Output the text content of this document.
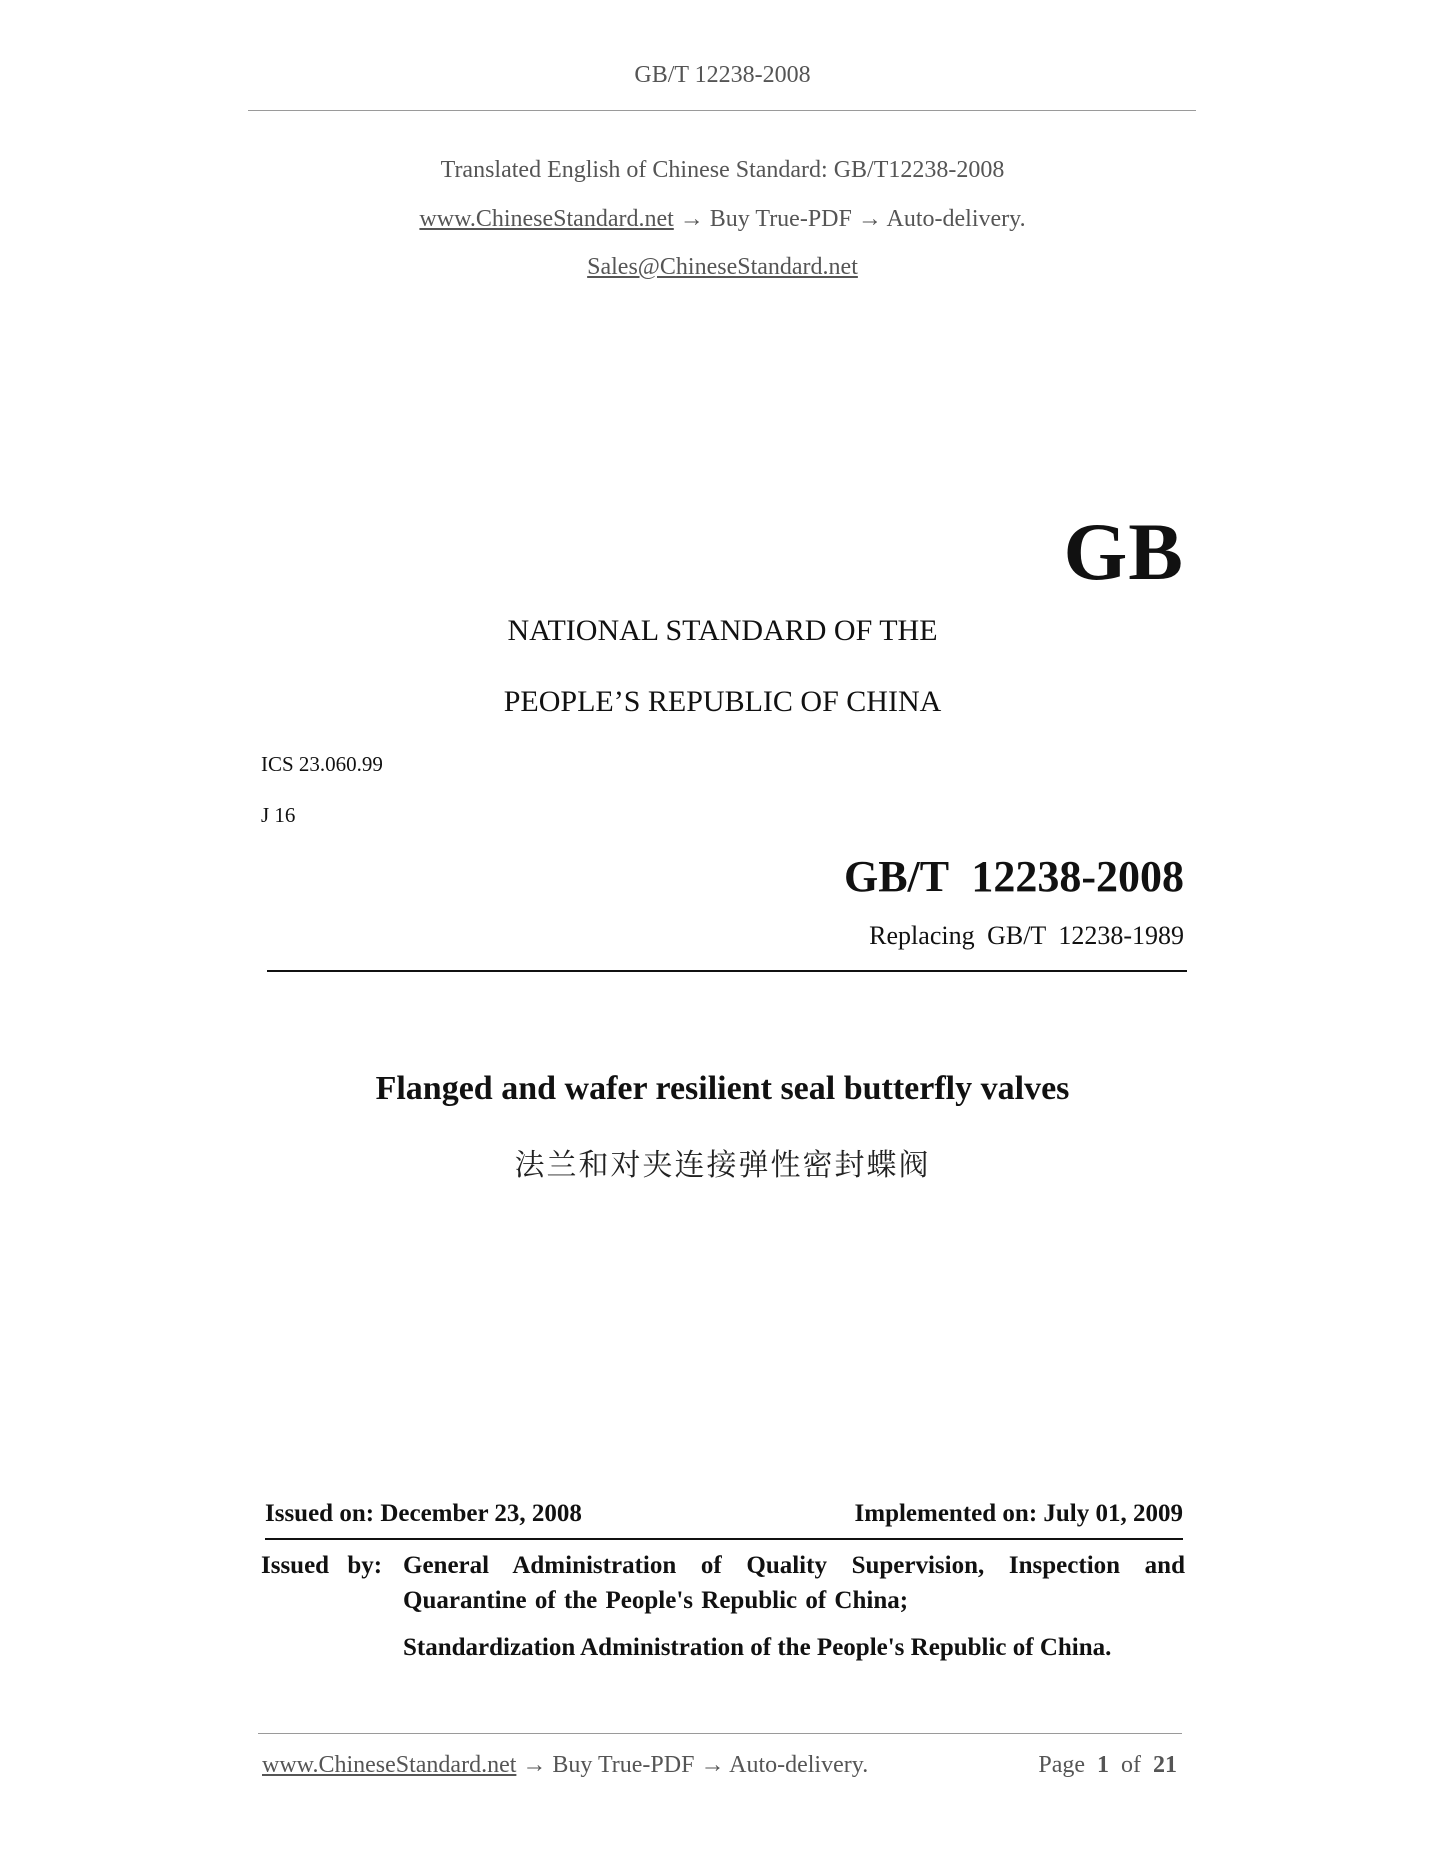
GB/T 12238-2008
Translated English of Chinese Standard: GB/T12238-2008
www.ChineseStandard.net → Buy True-PDF → Auto-delivery.
Sales@ChineseStandard.net
GB
NATIONAL STANDARD OF THE
PEOPLE’S REPUBLIC OF CHINA
ICS 23.060.99
J 16
GB/T 12238-2008
Replacing GB/T 12238-1989
Flanged and wafer resilient seal butterfly valves
法兰和对夹连接弹性密封蝶阀
Issued on: December 23, 2008	Implemented on: July 01, 2009
Issued by: General Administration of Quality Supervision, Inspection and Quarantine of the People's Republic of China;
Standardization Administration of the People's Republic of China.
www.ChineseStandard.net → Buy True-PDF → Auto-delivery.	Page 1 of 21
